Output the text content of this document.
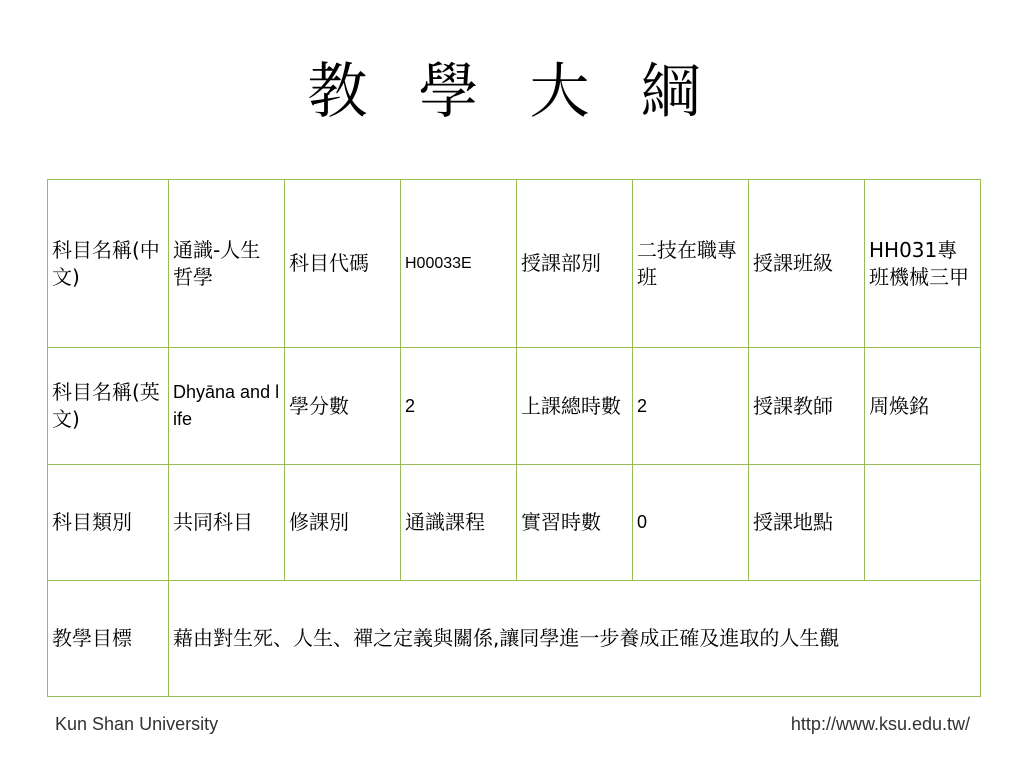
教 學 大 綱
科目名稱(中文)	通識-人生哲學	科目代碼	H00033E	授課部別	二技在職專班	授課班級	HH031專班機械三甲
科目名稱(英文)	Dhyāna and life	學分數	2	上課總時數	2	授課教師	周煥銘
科目類別	共同科目	修課別	通識課程	實習時數	0	授課地點	
教學目標	藉由對生死、人生、禪之定義與關係,讓同學進一步養成正確及進取的人生觀						
Kun Shan University	http://www.ksu.edu.tw/
